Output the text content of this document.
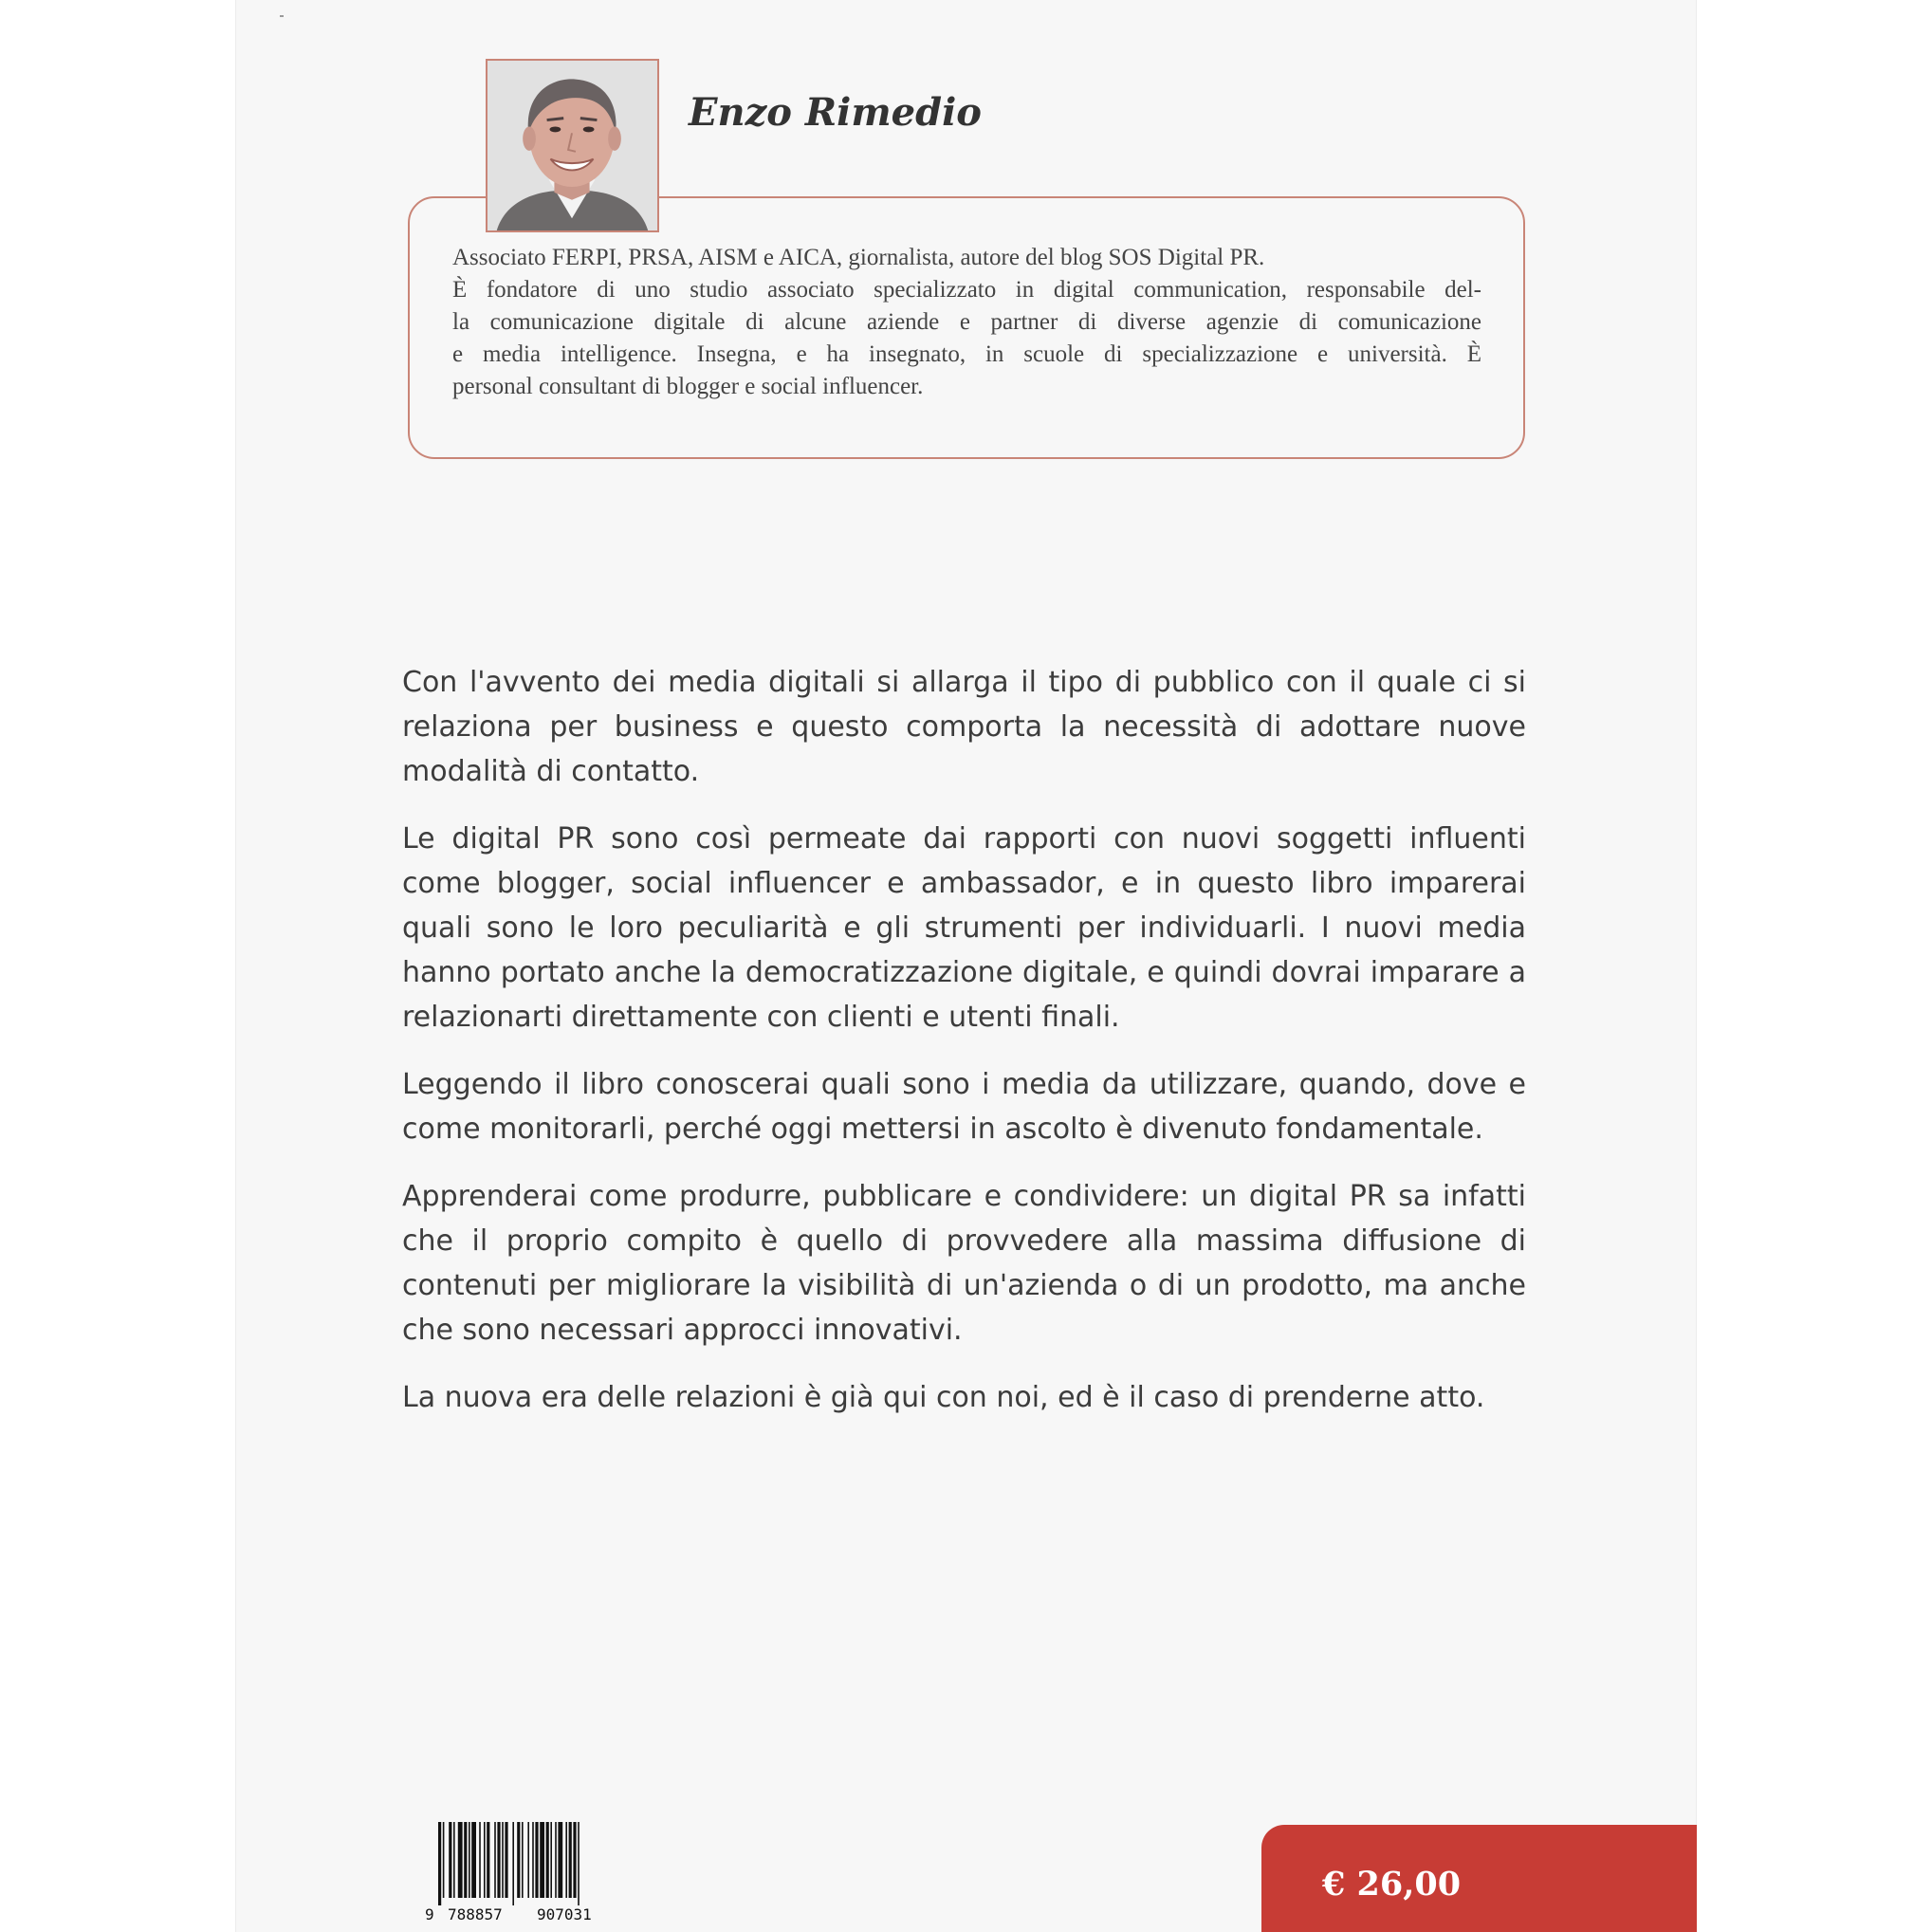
Enzo Rimedio
Associato FERPI, PRSA, AISM e AICA, giornalista, autore del blog SOS Digital PR.
È fondatore di uno studio associato specializzato in digital communication, responsabile del-
la comunicazione digitale di alcune aziende e partner di diverse agenzie di comunicazione
e media intelligence. Insegna, e ha insegnato, in scuole di specializzazione e università. È
personal consultant di blogger e social influencer.

Con l'avvento dei media digitali si allarga il tipo di pubblico con il quale ci si relaziona per business e questo comporta la necessità di adottare nuove modalità di contatto.

Le digital PR sono così permeate dai rapporti con nuovi soggetti influenti come blogger, social influencer e ambassador, e in questo libro imparerai quali sono le loro peculiarità e gli strumenti per individuarli. I nuovi media hanno portato anche la democratizzazione digitale, e quindi dovrai imparare a relazionarti direttamente con clienti e utenti finali.

Leggendo il libro conoscerai quali sono i media da utilizzare, quando, dove e come monitorarli, perché oggi mettersi in ascolto è divenuto fondamentale.

Apprenderai come produrre, pubblicare e condividere: un digital PR sa infatti che il proprio compito è quello di provvedere alla massima diffusione di contenuti per migliorare la visibilità di un'azienda o di un prodotto, ma anche che sono necessari approcci innovativi.

La nuova era delle relazioni è già qui con noi, ed è il caso di prenderne atto.

9 788857 907031

€ 26,00
